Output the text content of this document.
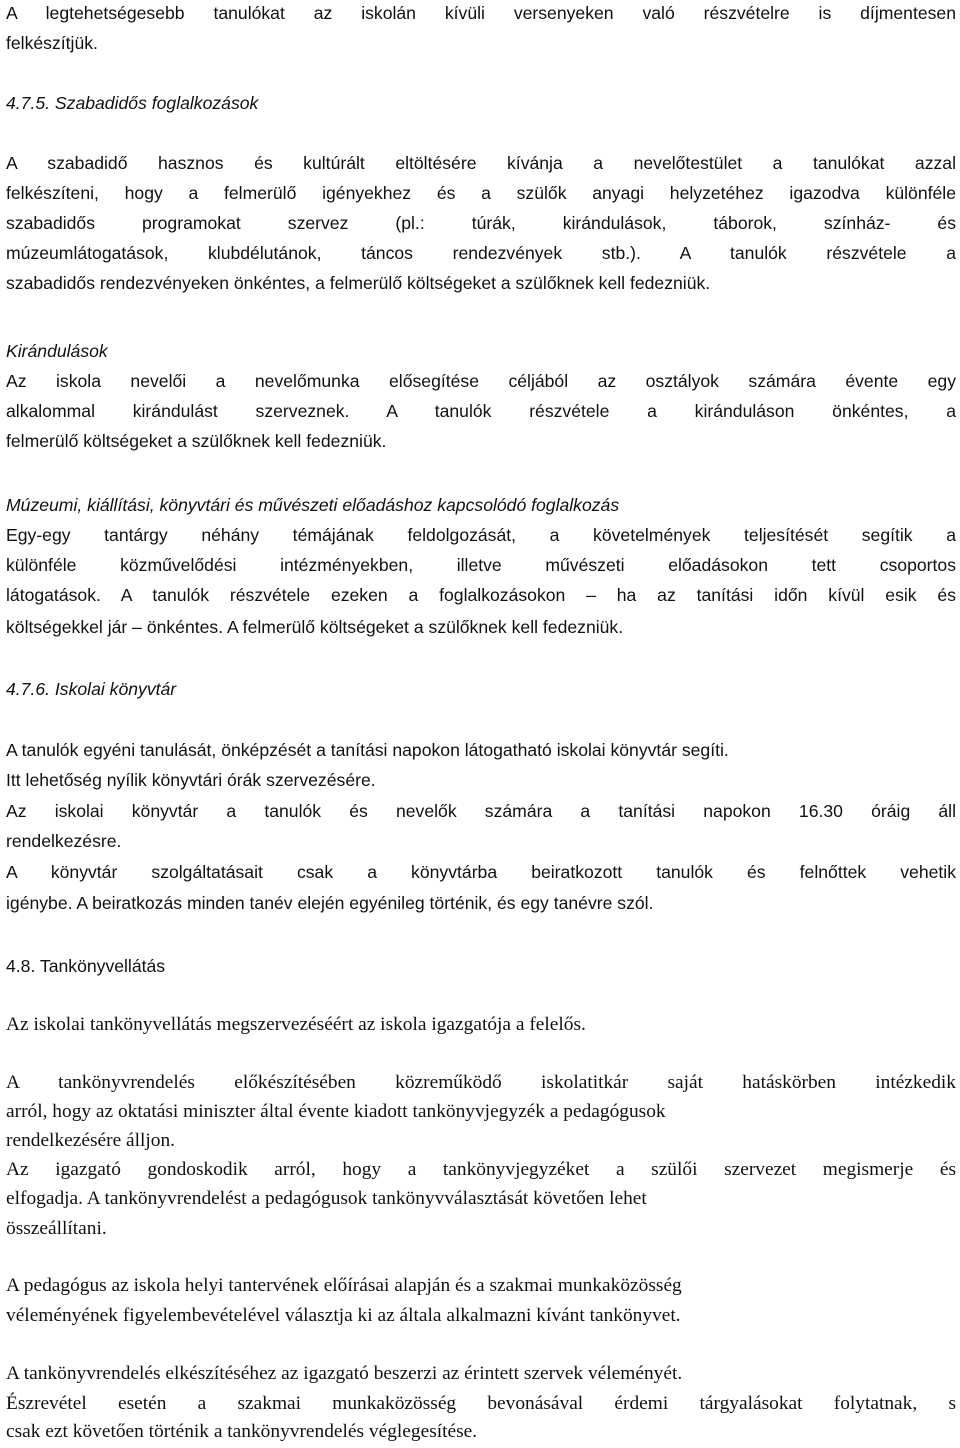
A legtehetségesebb tanulókat az iskolán kívüli versenyeken való részvételre is díjmentesen

felkészítjük.

4.7.5. Szabadidős foglalkozások

A szabadidő hasznos és kultúrált eltöltésére kívánja a nevelőtestület a tanulókat azzal

felkészíteni, hogy a felmerülő igényekhez és a szülők anyagi helyzetéhez igazodva különféle

szabadidős programokat szervez (pl.: túrák, kirándulások, táborok, színház- és

múzeumlátogatások, klubdélutánok, táncos rendezvények stb.). A tanulók részvétele a

szabadidős rendezvényeken önkéntes, a felmerülő költségeket a szülőknek kell fedezniük.

Kirándulások

Az iskola nevelői a nevelőmunka elősegítése céljából az osztályok számára évente egy

alkalommal kirándulást szerveznek. A tanulók részvétele a kiránduláson önkéntes, a

felmerülő költségeket a szülőknek kell fedezniük.

Múzeumi, kiállítási, könyvtári és művészeti előadáshoz kapcsolódó foglalkozás

Egy-egy tantárgy néhány témájának feldolgozását, a követelmények teljesítését segítik a

különféle közművelődési intézményekben, illetve művészeti előadásokon tett csoportos

látogatások. A tanulók részvétele ezeken a foglalkozásokon – ha az tanítási időn kívül esik és

költségekkel jár – önkéntes. A felmerülő költségeket a szülőknek kell fedezniük.

4.7.6. Iskolai könyvtár

A tanulók egyéni tanulását, önképzését a tanítási napokon látogatható iskolai könyvtár segíti.

Itt lehetőség nyílik könyvtári órák szervezésére.

Az iskolai könyvtár a tanulók és nevelők számára a tanítási napokon 16.30 óráig áll

rendelkezésre.

A könyvtár szolgáltatásait csak a könyvtárba beiratkozott tanulók és felnőttek vehetik

igénybe. A beiratkozás minden tanév elején egyénileg történik, és egy tanévre szól.

4.8. Tankönyvellátás

Az iskolai tankönyvellátás megszervezéséért az iskola igazgatója a felelős.

A tankönyvrendelés előkészítésében közreműködő iskolatitkár saját hatáskörben intézkedik

arról, hogy az oktatási miniszter által évente kiadott tankönyvjegyzék a pedagógusok

rendelkezésére álljon.

Az igazgató gondoskodik arról, hogy a tankönyvjegyzéket a szülői szervezet megismerje és

elfogadja. A tankönyvrendelést a pedagógusok tankönyvválasztását követően lehet

összeállítani.

A pedagógus az iskola helyi tantervének előírásai alapján és a szakmai munkaközösség

véleményének figyelembevételével választja ki az általa alkalmazni kívánt tankönyvet.

A tankönyvrendelés elkészítéséhez az igazgató beszerzi az érintett szervek véleményét.

Észrevétel esetén a szakmai munkaközösség bevonásával érdemi tárgyalásokat folytatnak, s

csak ezt követően történik a tankönyvrendelés véglegesítése.
